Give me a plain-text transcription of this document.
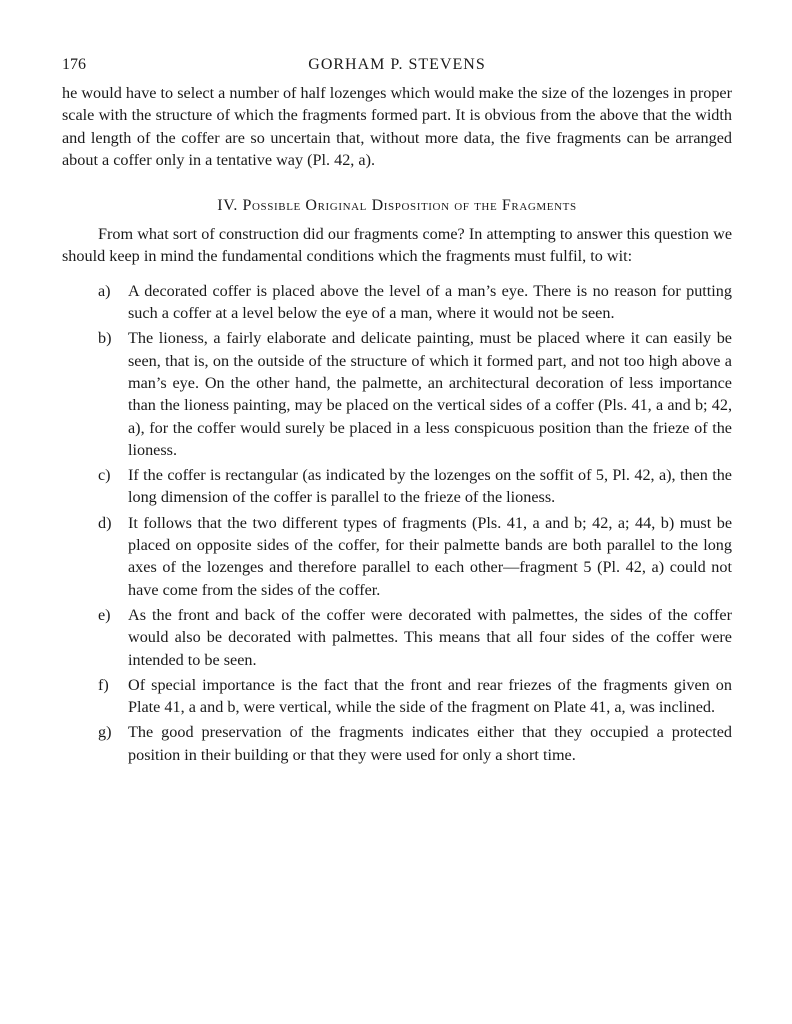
176	GORHAM P. STEVENS

he would have to select a number of half lozenges which would make the size of the lozenges in proper scale with the structure of which the fragments formed part. It is obvious from the above that the width and length of the coffer are so uncertain that, without more data, the five fragments can be arranged about a coffer only in a tentative way (Pl. 42, a).

IV. Possible Original Disposition of the Fragments

From what sort of construction did our fragments come? In attempting to answer this question we should keep in mind the fundamental conditions which the fragments must fulfil, to wit:

a) A decorated coffer is placed above the level of a man’s eye. There is no reason for putting such a coffer at a level below the eye of a man, where it would not be seen.
b) The lioness, a fairly elaborate and delicate painting, must be placed where it can easily be seen, that is, on the outside of the structure of which it formed part, and not too high above a man’s eye. On the other hand, the palmette, an architectural decoration of less importance than the lioness painting, may be placed on the vertical sides of a coffer (Pls. 41, a and b; 42, a), for the coffer would surely be placed in a less conspicuous position than the frieze of the lioness.
c) If the coffer is rectangular (as indicated by the lozenges on the soffit of 5, Pl. 42, a), then the long dimension of the coffer is parallel to the frieze of the lioness.
d) It follows that the two different types of fragments (Pls. 41, a and b; 42, a; 44, b) must be placed on opposite sides of the coffer, for their palmette bands are both parallel to the long axes of the lozenges and therefore parallel to each other—fragment 5 (Pl. 42, a) could not have come from the sides of the coffer.
e) As the front and back of the coffer were decorated with palmettes, the sides of the coffer would also be decorated with palmettes. This means that all four sides of the coffer were intended to be seen.
f) Of special importance is the fact that the front and rear friezes of the fragments given on Plate 41, a and b, were vertical, while the side of the fragment on Plate 41, a, was inclined.
g) The good preservation of the fragments indicates either that they occupied a protected position in their building or that they were used for only a short time.
